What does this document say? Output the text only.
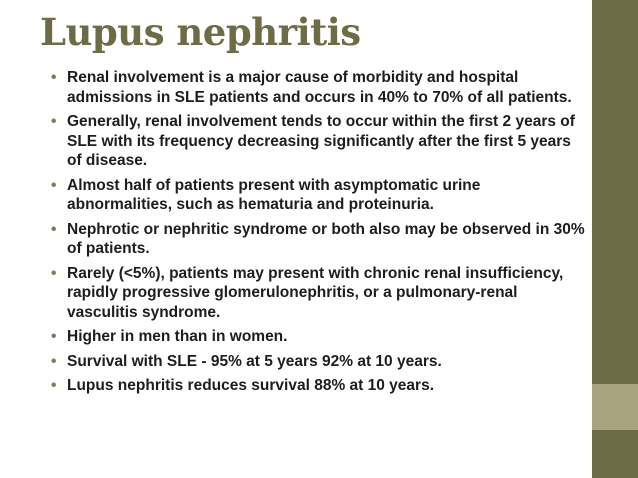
Lupus nephritis
• Renal involvement is a major cause of morbidity and hospital admissions in SLE patients and occurs in 40% to 70% of all patients.
• Generally, renal involvement tends to occur within the first 2 years of SLE with its frequency decreasing significantly after the first 5 years of disease.
• Almost half of patients present with asymptomatic urine abnormalities, such as hematuria and proteinuria.
• Nephrotic or nephritic syndrome or both also may be observed in 30% of patients.
• Rarely (<5%), patients may present with chronic renal insufficiency, rapidly progressive glomerulonephritis, or a pulmonary-renal vasculitis syndrome.
• Higher in men than in women.
• Survival with SLE - 95% at 5 years 92% at 10 years.
• Lupus nephritis reduces survival 88% at 10 years.
